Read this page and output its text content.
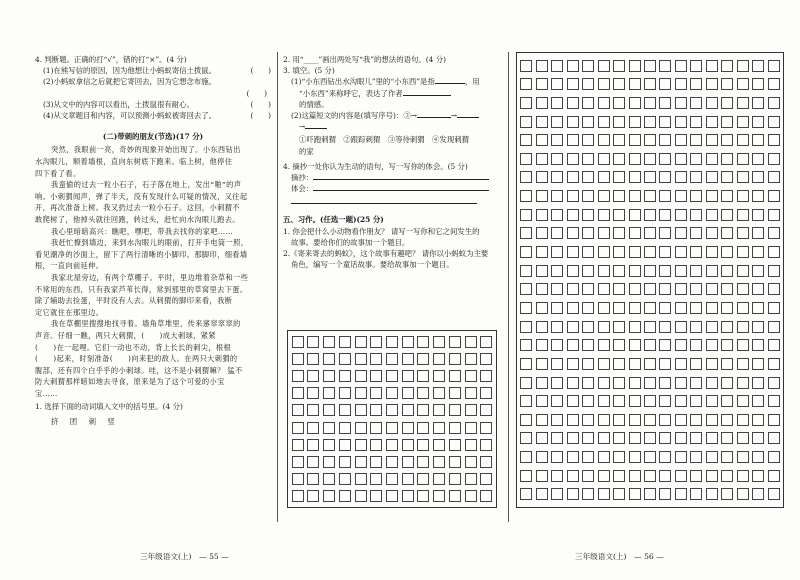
4. 判断题。正确的打“√”，错的打“×”。(4 分)
(1)在熊写信的原因，因为他想让小蚂蚁寄信土拨鼠。	(　　)
(2)小蚂蚁拿信之后就把它寄回去，因为它想念布施。
(　　)
(3)从文中的内容可以看出，土拨鼠很有耐心。	(　　)
(4)从文章题目和内容，可以预测小蚂蚁被寄回去了。	(　　)
(二)带刺的朋友(节选)(17 分)
突然，我眼前一亮，奇妙的现象开始出现了。小东西钻出
水沟眼儿，顺着墙根，直向东树底下跑来。临上树，他停住
四下看了看。
我蛮偷的过去一粒小石子，石子落在地上，发出“啪”的声
响。小刺猬闻声，弹了半天，没有发现什么可疑的情况，又往起
开，再次准备上树。我又扔过去一粒小石子。这回，小刺猬不
敢爬树了，他掉头就往回跑，转过头，赶忙向水沟眼儿跑去。
我心里暗暗高兴：瞧吧，嘿吧，带我去找你的家吧……
我赶忙撩到墙边，来到水沟眼儿的眼前，打开手电筒一照，
看见潮净的沙面上，留下了两行清晰的小脚印。那脚印，细看墙
根，一直向前延伸。
我家北屋旁边，有两个草棚子。平时，里边堆着杂草和一些
不常用的东西，只有我家芦苇长得，常到那里的草窝里去下蛋。
除了辅助去捡蛋，平时没有人去。从刺猬的脚印来看，我断
定它就住在那里边。
我在草棚里搜搜地找寻着。墙角草堆里，传来窸窣窣窣的
声音。仔细一瞧，两只大刺猬，(　　)成大刺球，紧紧
(　　)在一起哩。它们一动也不动，背上长长的刺尖，根根
(　　)起来，时刻准备(　　)向来犯的敌人。在两只大刺猬的
腹部，还有四个白乎乎的小刺球。哇，这不是小刺猬嘛？ 猛不
防大刺猬那样暗如地去寻食，原来是为了这个可爱的小宝
宝……
1. 选择下面的动词填入文中的括号里。(4 分)
挤　团　刺　竖
2. 用“____”画出两处写“我”的想法的语句。(4 分)
3. 填空。(5 分)
(1)“小东西钻出水沟眼儿”里的“小东西”是指	，用
“小东西”来称呼它，表达了作者
的情感。
(2)这篇短文的内容是(填写序号)：③→	→
→
①吓跑刺猬　②跟踪刺猬　③等待刺猬　④发现刺猬
的家
4. 摘抄一处你认为生动的语句，写一写你的体会。(5 分)
摘抄：
体会：
五、习作。(任选一题)(25 分)
1. 你会把什么小动物看作朋友？ 请写一写你和它之间发生的
故事。要给你们的故事加一个题目。
2.《寄来寄去的蚂蚁》，这个故事有趣吧？ 请你以小蚂蚁为主要
角色，编写一个童话故事。要给故事加一个题目。
三年级语文(上)　— 55 —	三年级语文(上)　— 56 —
